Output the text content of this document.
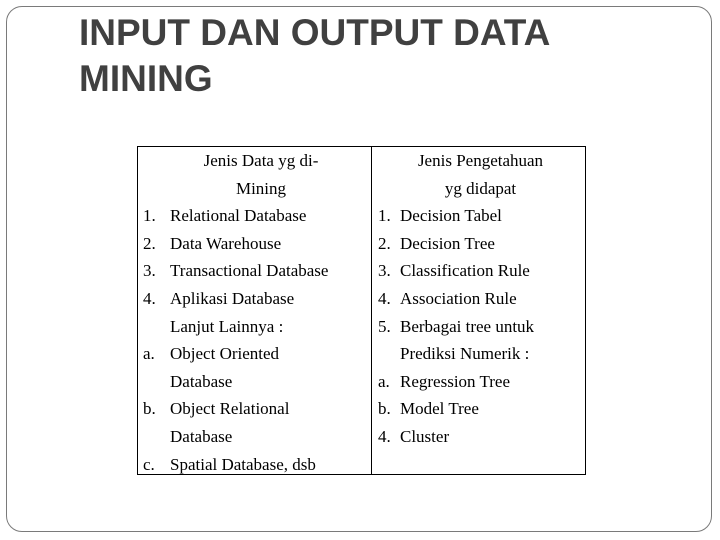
INPUT DAN OUTPUT DATA
MINING
Jenis Data yg di-
Mining
1. Relational Database
2. Data Warehouse
3. Transactional Database
4. Aplikasi Database
Lanjut Lainnya :
a. Object Oriented
Database
b. Object Relational
Database
c. Spatial Database, dsb
Jenis Pengetahuan
yg didapat
1. Decision Tabel
2. Decision Tree
3. Classification Rule
4. Association Rule
5. Berbagai tree untuk
Prediksi Numerik :
a. Regression Tree
b. Model Tree
4. Cluster
